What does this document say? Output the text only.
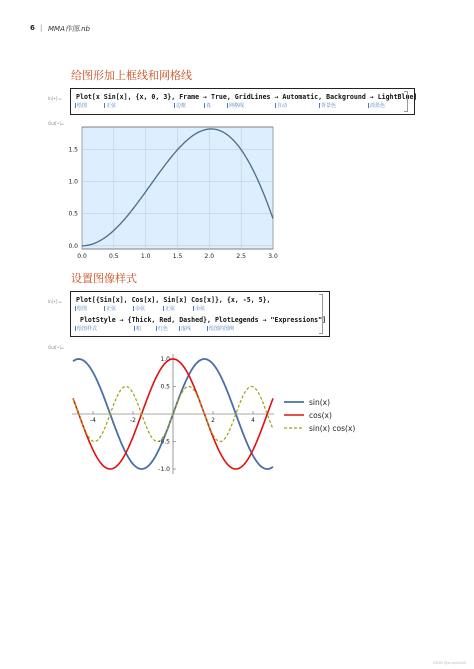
6 | MMA作图.nb
给图形加上框线和网格线
In[•]:= Plot[x Sin[x], {x, 0, 3}, Frame → True, GridLines → Automatic, Background → LightBlue]
绘图	正弦	边框	真	网格线	自动	背景色	淡蓝色
Out[•]=
0.0	0.5	1.0	1.5	2.0	2.5	3.0
0.0
0.5
1.0
1.5
设置图像样式
In[•]:= Plot[{Sin[x], Cos[x], Sin[x] Cos[x]}, {x, -5, 5},
绘图	正弦	余弦	正弦	余弦
PlotStyle → {Thick, Red, Dashed}, PlotLegends → "Expressions"]
绘图样式	粗	红色	虚线	绘图的图例
Out[•]=
-4	-2	2	4
-1.0
-0.5
0.5
1.0
sin(x)
cos(x)
sin(x) cos(x)
CSDN @xingmin8A
